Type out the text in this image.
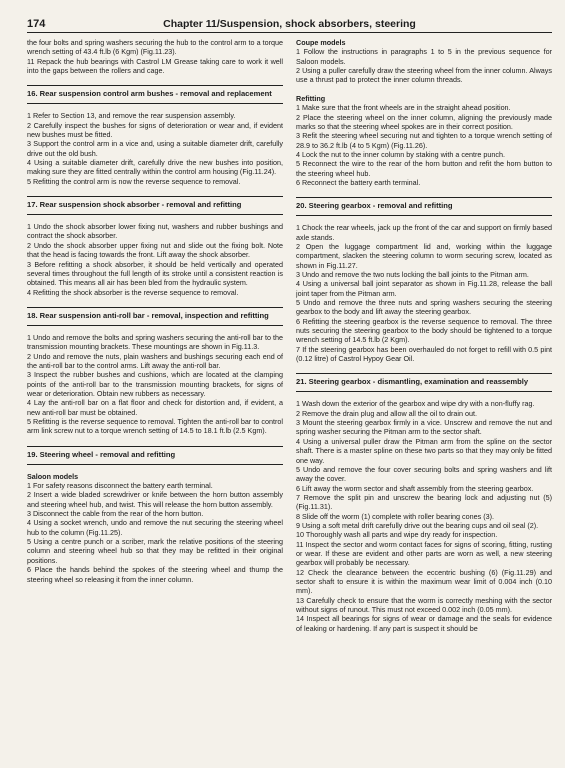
174	Chapter 11/Suspension, shock absorbers, steering

the four bolts and spring washers securing the hub to the control arm to a torque wrench setting of 43.4 ft.lb (6 Kgm) (Fig.11.23).

11 Repack the hub bearings with Castrol LM Grease taking care to work it well into the gaps between the rollers and cage.

16. Rear suspension control arm bushes - removal and replacement

1 Refer to Section 13, and remove the rear suspension assembly.

2 Carefully inspect the bushes for signs of deterioration or wear and, if evident new bushes must be fitted.

3 Support the control arm in a vice and, using a suitable diameter drift, carefully drive out the old bush.

4 Using a suitable diameter drift, carefully drive the new bushes into position, making sure they are fitted centrally within the control arm housing (Fig.11.24).

5 Refitting the control arm is now the reverse sequence to removal.

17. Rear suspension shock absorber - removal and refitting

1 Undo the shock absorber lower fixing nut, washers and rubber bushings and contract the shock absorber.

2 Undo the shock absorber upper fixing nut and slide out the fixing bolt. Note that the head is facing towards the front. Lift away the shock absorber.

3 Before refitting a shock absorber, it should be held vertically and operated several times throughout the full length of its stroke until a consistent reaction is obtained. This means all air has been bled from the hydraulic system.

4 Refitting the shock absorber is the reverse sequence to removal.

18. Rear suspension anti-roll bar - removal, inspection and refitting

1 Undo and remove the bolts and spring washers securing the anti-roll bar to the transmission mounting brackets. These mountings are shown in Fig.11.3.

2 Undo and remove the nuts, plain washers and bushings securing each end of the anti-roll bar to the control arms. Lift away the anti-roll bar.

3 Inspect the rubber bushes and cushions, which are located at the clamping points of the anti-roll bar to the transmission mounting brackets, for signs of wear or deterioration. Obtain new rubbers as necessary.

4 Lay the anti-roll bar on a flat floor and check for distortion and, if evident, a new anti-roll bar must be obtained.

5 Refitting is the reverse sequence to removal. Tighten the anti-roll bar to control arm link screw nut to a torque wrench setting of 14.5 to 18.1 ft.lb (2.5 Kgm).

19. Steering wheel - removal and refitting
Saloon models

1 For safety reasons disconnect the battery earth terminal.

2 Insert a wide bladed screwdriver or knife between the horn button assembly and steering wheel hub, and twist. This will release the horn button assembly.

3 Disconnect the cable from the rear of the horn button.

4 Using a socket wrench, undo and remove the nut securing the steering wheel hub to the column (Fig.11.25).

5 Using a centre punch or a scriber, mark the relative positions of the steering column and steering wheel hub so that they may be refitted in their original positions.

6 Place the hands behind the spokes of the steering wheel and thump the steering wheel so releasing it from the inner column.

Coupe models

1 Follow the instructions in paragraphs 1 to 5 in the previous sequence for Saloon models.

2 Using a puller carefully draw the steering wheel from the inner column. Always use a thrust pad to protect the inner column threads.

Refitting

1 Make sure that the front wheels are in the straight ahead position.

2 Place the steering wheel on the inner column, aligning the previously made marks so that the steering wheel spokes are in their correct position.

3 Refit the steering wheel securing nut and tighten to a torque wrench setting of 28.9 to 36.2 ft.lb (4 to 5 Kgm) (Fig.11.26).

4 Lock the nut to the inner column by staking with a centre punch.

5 Reconnect the wire to the rear of the horn button and refit the horn button to the steering wheel hub.

6 Reconnect the battery earth terminal.

20. Steering gearbox - removal and refitting

1 Chock the rear wheels, jack up the front of the car and support on firmly based axle stands.

2 Open the luggage compartment lid and, working within the luggage compartment, slacken the steering column to worm securing screw, located as shown in Fig.11.27.

3 Undo and remove the two nuts locking the ball joints to the Pitman arm.

4 Using a universal ball joint separator as shown in Fig.11.28, release the ball joint taper from the Pitman arm.

5 Undo and remove the three nuts and spring washers securing the steering gearbox to the body and lift away the steering gearbox.

6 Refitting the steering gearbox is the reverse sequence to removal. The three nuts securing the steering gearbox to the body should be tightened to a torque wrench setting of 14.5 ft.lb (2 Kgm).

7 If the steering gearbox has been overhauled do not forget to refill with 0.5 pint (0.12 litre) of Castrol Hypoy Gear Oil.

21. Steering gearbox - dismantling, examination and reassembly

1 Wash down the exterior of the gearbox and wipe dry with a non-fluffy rag.

2 Remove the drain plug and allow all the oil to drain out.

3 Mount the steering gearbox firmly in a vice. Unscrew and remove the nut and spring washer securing the Pitman arm to the sector shaft.

4 Using a universal puller draw the Pitman arm from the spline on the sector shaft. There is a master spline on these two parts so that they may only be fitted one way.

5 Undo and remove the four cover securing bolts and spring washers and lift away the cover.

6 Lift away the worm sector and shaft assembly from the steering gearbox.

7 Remove the split pin and unscrew the bearing lock and adjusting nut (5) (Fig.11.31).

8 Slide off the worm (1) complete with roller bearing cones (3).

9 Using a soft metal drift carefully drive out the bearing cups and oil seal (2).

10 Thoroughly wash all parts and wipe dry ready for inspection.

11 Inspect the sector and worm contact faces for signs of scoring, fitting, rusting or wear. If these are evident and other parts are worn as well, a new steering gearbox will probably be necessary.

12 Check the clearance between the eccentric bushing (6) (Fig.11.29) and sector shaft to ensure it is within the maximum wear limit of 0.004 inch (0.10 mm).

13 Carefully check to ensure that the worm is correctly meshing with the sector without signs of runout. This must not exceed 0.002 inch (0.05 mm).

14 Inspect all bearings for signs of wear or damage and the seals for evidence of leaking or hardening. If any part is suspect it should be
